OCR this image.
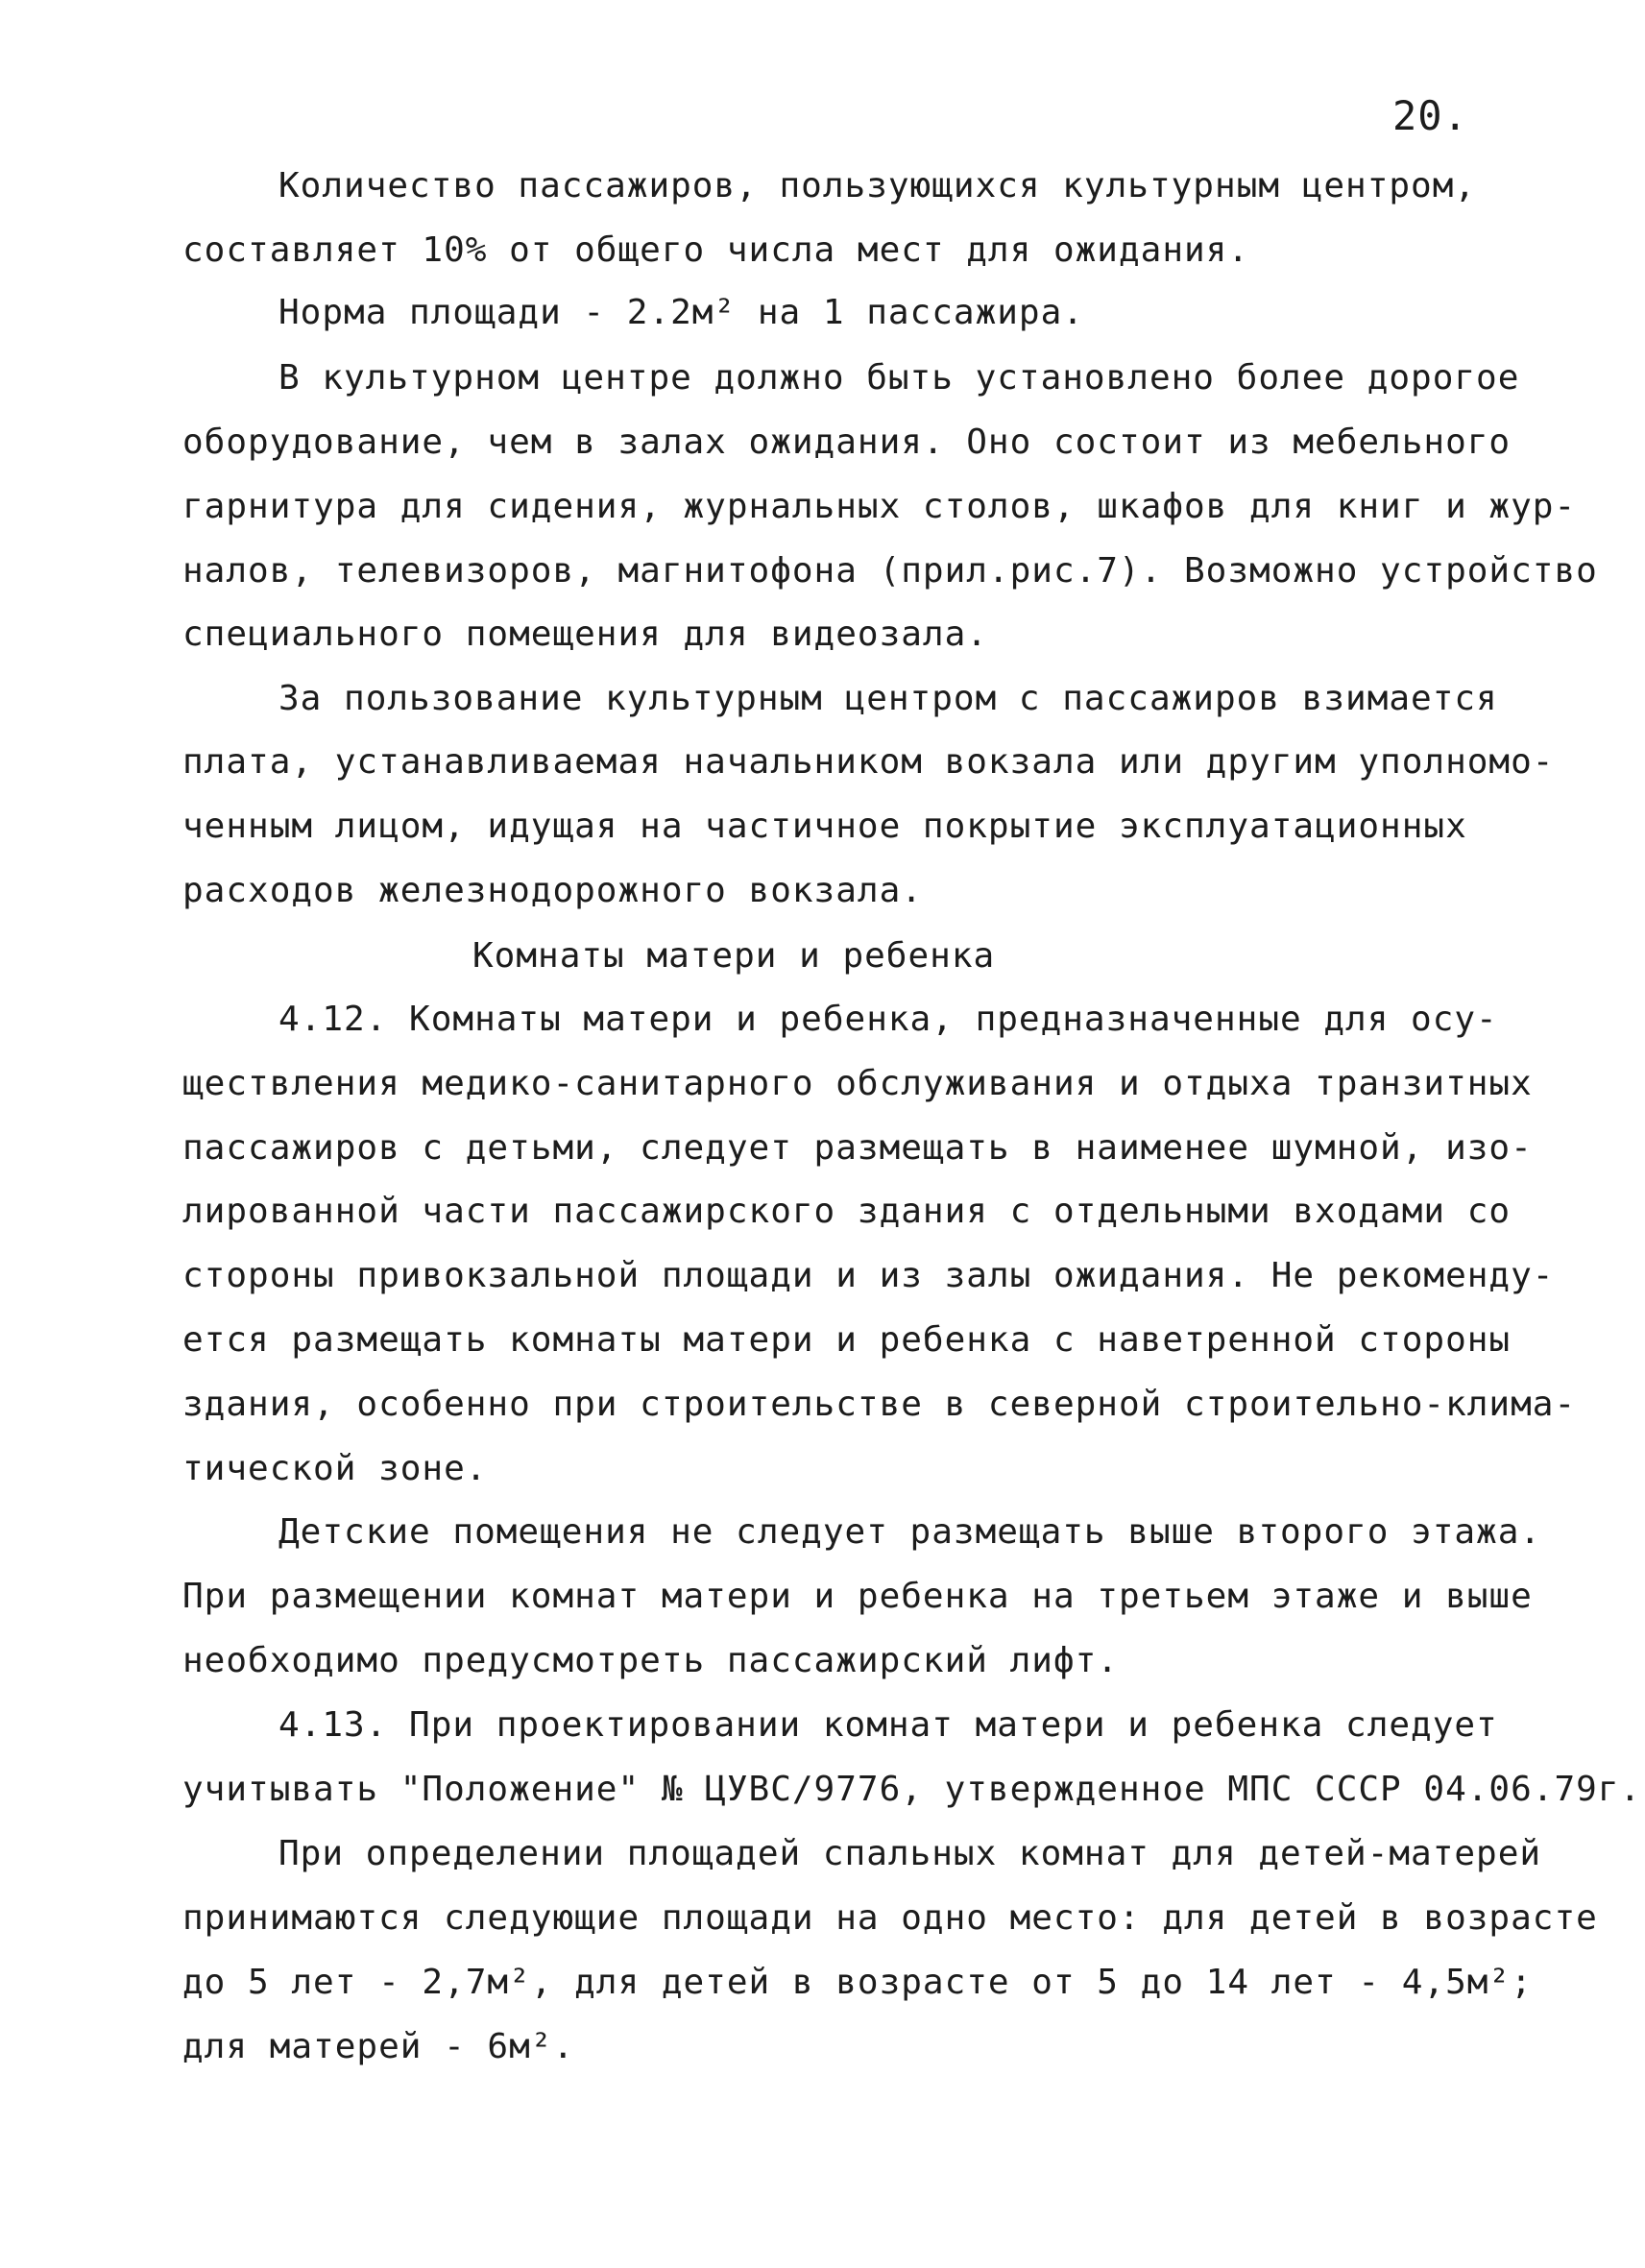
20.
Количество пассажиров, пользующихся культурным центром,
составляет 10% от общего числа мест для ожидания.
Норма площади - 2.2м² на 1 пассажира.
В культурном центре должно быть установлено более дорогое
оборудование, чем в залах ожидания. Оно состоит из мебельного
гарнитура для сидения, журнальных столов, шкафов для книг и жур-
налов, телевизоров, магнитофона (прил.рис.7). Возможно устройство
специального помещения для видеозала.
За пользование культурным центром с пассажиров взимается
плата, устанавливаемая начальником вокзала или другим уполномо-
ченным лицом, идущая на частичное покрытие эксплуатационных
расходов железнодорожного вокзала.
Комнаты матери и ребенка
4.12. Комнаты матери и ребенка, предназначенные для осу-
ществления медико-санитарного обслуживания и отдыха транзитных
пассажиров с детьми, следует размещать в наименее шумной, изо-
лированной части пассажирского здания с отдельными входами со
стороны привокзальной площади и из залы ожидания. Не рекоменду-
ется размещать комнаты матери и ребенка с наветренной стороны
здания, особенно при строительстве в северной строительно-клима-
тической зоне.
Детские помещения не следует размещать выше второго этажа.
При размещении комнат матери и ребенка на третьем этаже и выше
необходимо предусмотреть пассажирский лифт.
4.13. При проектировании комнат матери и ребенка следует
учитывать "Положение" № ЦУВС/9776, утвержденное МПС СССР 04.06.79г.
При определении площадей спальных комнат для детей-матерей
принимаются следующие площади на одно место: для детей в возрасте
до 5 лет - 2,7м², для детей в возрасте от 5 до 14 лет - 4,5м²;
для матерей - 6м².
